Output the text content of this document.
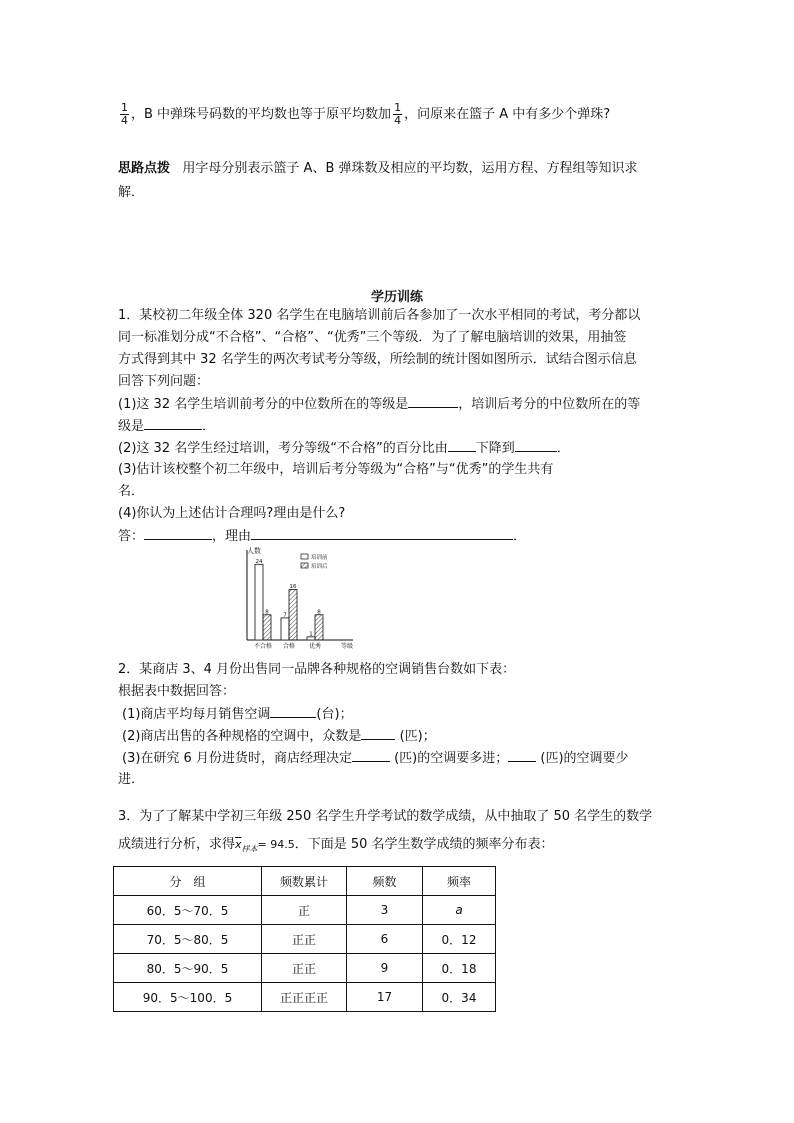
$\frac{1}{4}$ ，B 中弹珠号码数的平均数也等于原平均数加 $\frac{1}{4}$ ，问原来在篮子 A 中有多少个弹珠?
思路点拨 用字母分别表示篮子 A、B 弹珠数及相应的平均数，运用方程、方程组等知识求
解．
学历训练
1．某校初二年级全体 320 名学生在电脑培训前后各参加了一次水平相同的考试，考分都以
同一标准划分成“不合格”、“合格”、“优秀”三个等级．为了了解电脑培训的效果，用抽签
方式得到其中 32 名学生的两次考试考分等级，所绘制的统计图如图所示．试结合图示信息
回答下列问题：
(1)这 32 名学生培训前考分的中位数所在的等级是	，培训后考分的中位数所在的等
级是	．
(2)这 32 名学生经过培训，考分等级“不合格”的百分比由 下降到	．
(3)估计该校整个初二年级中，培训后考分等级为“合格”与“优秀”的学生共有
名．
(4)你认为上述估计合理吗?理由是什么?
答：	，理由	．
人数
等级
24
8
不合格
7
16
合格
1
8
优秀
培训前
培训后
2．某商店 3、4 月份出售同一品牌各种规格的空调销售台数如下表：
根据表中数据回答：
(1)商店平均每月销售空调	(台)；
(2)商店出售的各种规格的空调中，众数是	(匹)；
(3)在研究 6 月份进货时，商店经理决定	(匹)的空调要多进； (匹)的空调要少
进．
3．为了了解某中学初三年级 250 名学生升学考试的数学成绩，从中抽取了 50 名学生的数学
成绩进行分析，求得$\overline{x}_{样本}= 94.5$．下面是 50 名学生数学成绩的频率分布表：
分　组	频数累计	频数	频率
60．5～70．5	正	3	a
70．5～80．5	正正	6	0．12
80．5～90．5	正正	9	0．18
90．5～100．5	正正正正	17	0．34
